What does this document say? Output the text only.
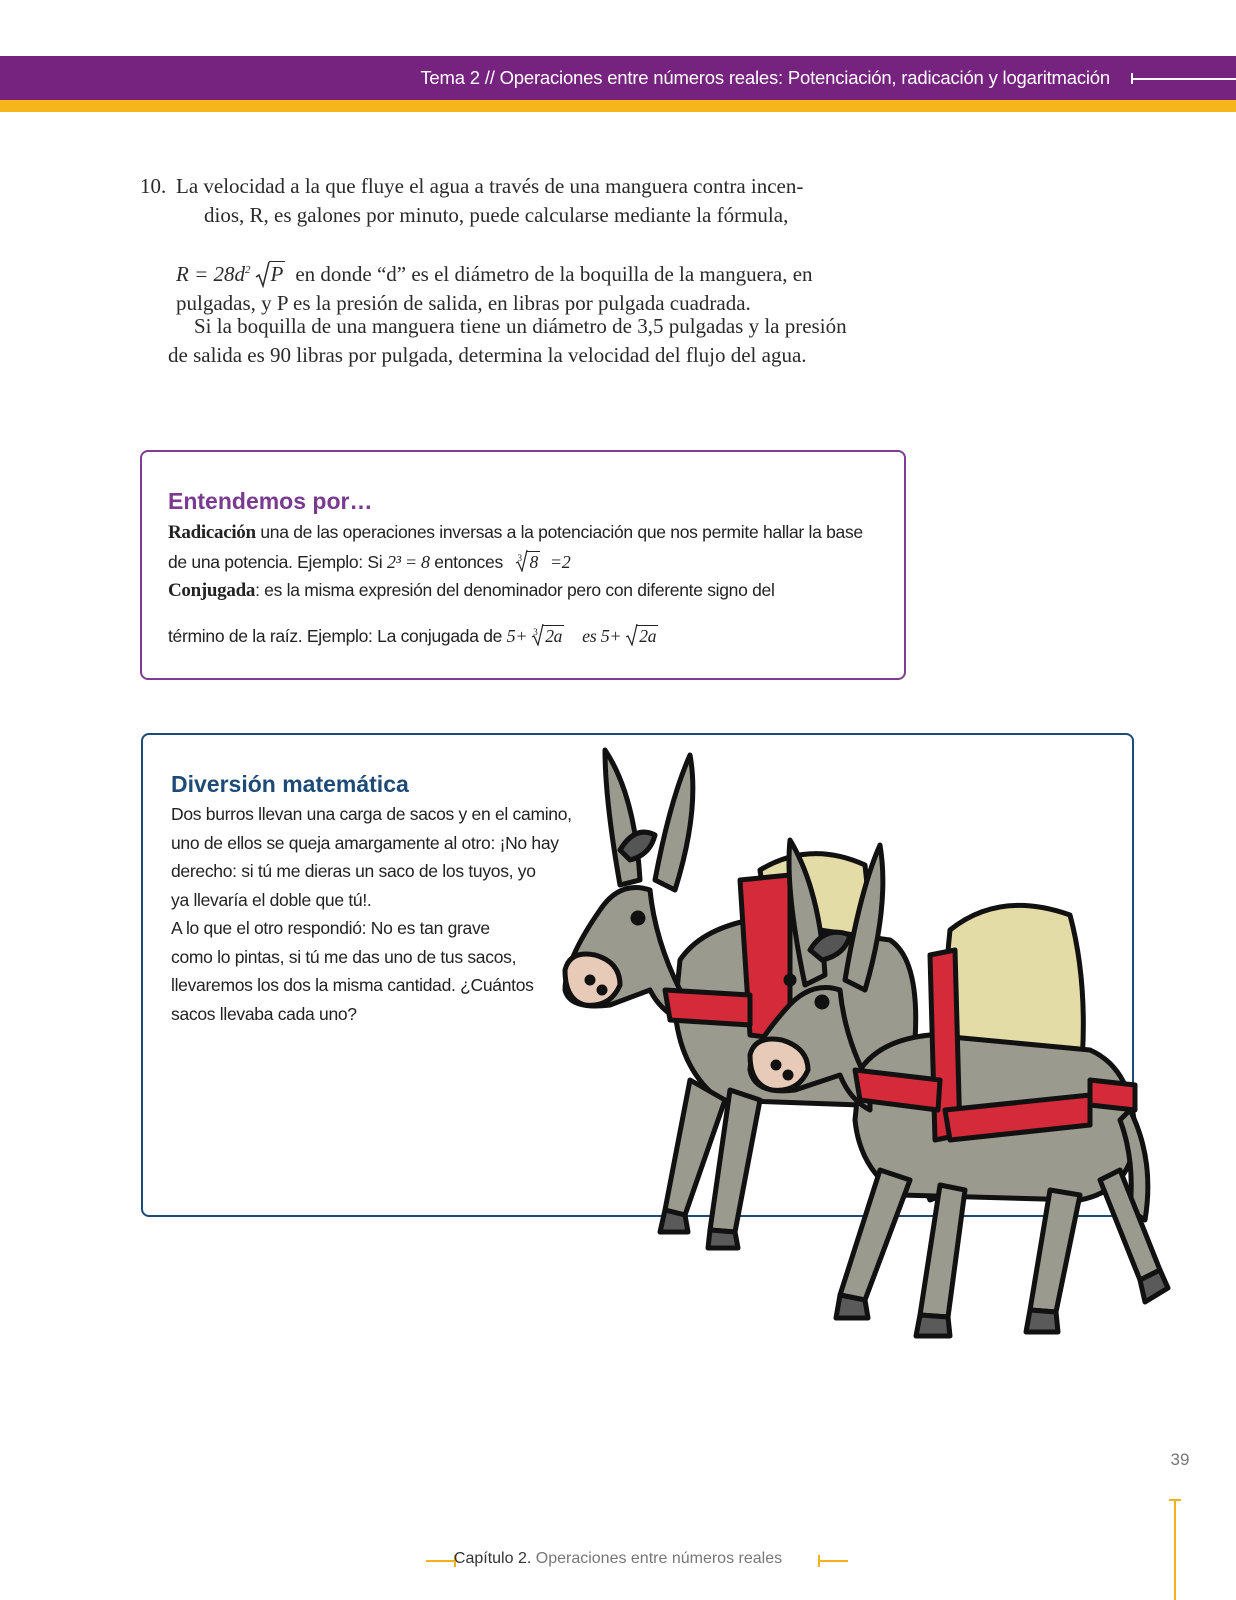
Tema 2 // Operaciones entre números reales: Potenciación, radicación y logaritmación
10. La velocidad a la que fluye el agua a través de una manguera contra incen-
dios, R, es galones por minuto, puede calcularse mediante la fórmula,
$R = 28d^2$ P en donde “d” es el diámetro de la boquilla de la manguera, en
pulgadas, y P es la presión de salida, en libras por pulgada cuadrada.
Si la boquilla de una manguera tiene un diámetro de 3,5 pulgadas y la presión
de salida es 90 libras por pulgada, determina la velocidad del flujo del agua.
Entendemos por…
Radicación una de las operaciones inversas a la potenciación que nos permite hallar la base
de una potencia. Ejemplo: Si 2³ = 8 entonces 3 8 =2
Conjugada: es la misma expresión del denominador pero con diferente signo del
término de la raíz. Ejemplo: La conjugada de 5+ 3 2a es 5+ 2a
Diversión matemática
Dos burros llevan una carga de sacos y en el camino,
uno de ellos se queja amargamente al otro: ¡No hay
derecho: si tú me dieras un saco de los tuyos, yo
ya llevaría el doble que tú!.
A lo que el otro respondió: No es tan grave
como lo pintas, si tú me das uno de tus sacos,
llevaremos los dos la misma cantidad. ¿Cuántos
sacos llevaba cada uno?
39
Capítulo 2. Operaciones entre números reales
